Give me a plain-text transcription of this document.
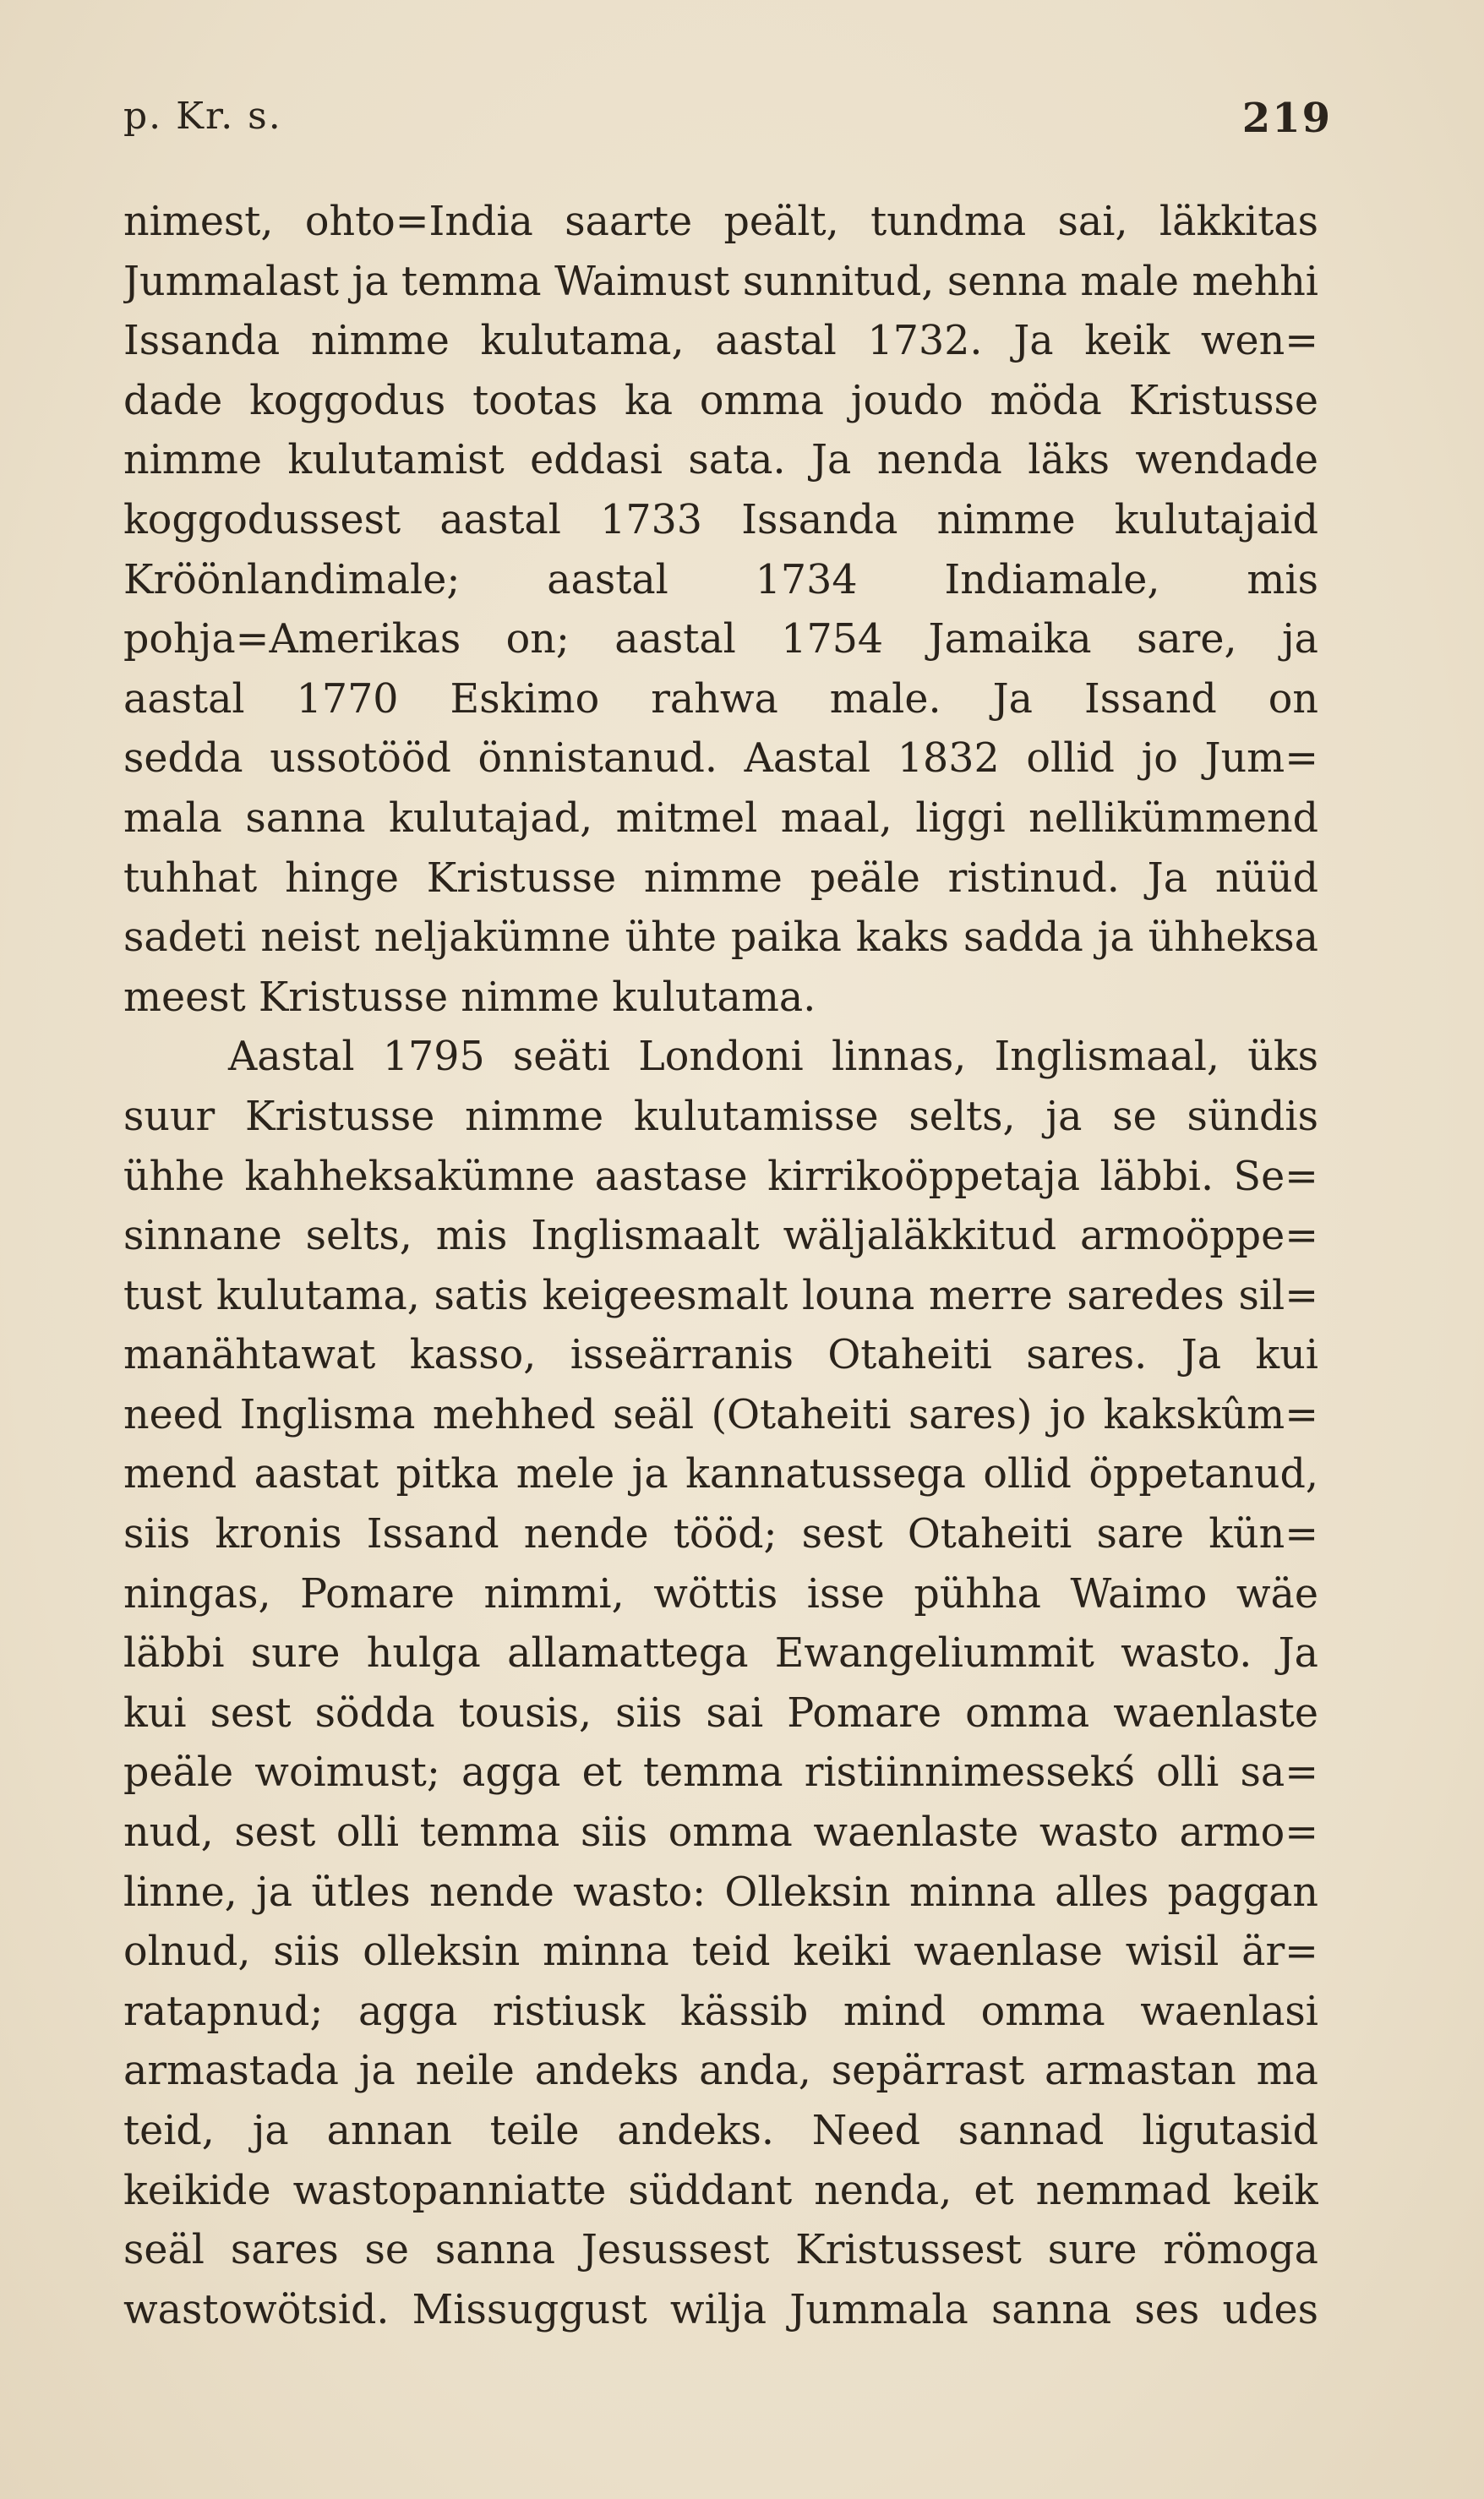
p. Kr. s.	219
nimest, ohto=India saarte peält, tundma sai, läkkitas
Jummalast ja temma Waimust sunnitud, senna male mehhi
Issanda nimme kulutama, aastal 1732. Ja keik wen=
dade koggodus tootas ka omma joudo möda Kristusse
nimme kulutamist eddasi sata. Ja nenda läks wendade
koggodussest aastal 1733 Issanda nimme kulutajaid
Kröönlandimale; aastal 1734 Indiamale, mis
pohja=Amerikas on; aastal 1754 Jamaika sare, ja
aastal 1770 Eskimo rahwa male. Ja Issand on
sedda ussotööd önnistanud. Aastal 1832 ollid jo Jum=
mala sanna kulutajad, mitmel maal, liggi nellikümmend
tuhhat hinge Kristusse nimme peäle ristinud. Ja nüüd
sadeti neist neljakümne ühte paika kaks sadda ja ühheksa
meest Kristusse nimme kulutama.
Aastal 1795 seäti Londoni linnas, Inglismaal, üks
suur Kristusse nimme kulutamisse selts, ja se sündis
ühhe kahheksakümne aastase kirrikoöppetaja läbbi. Se=
sinnane selts, mis Inglismaalt wäljaläkkitud armoöppe=
tust kulutama, satis keigeesmalt louna merre saredes sil=
manähtawat kasso, isseärranis Otaheiti sares. Ja kui
need Inglisma mehhed seäl (Otaheiti sares) jo kakskûm=
mend aastat pitka mele ja kannatussega ollid öppetanud,
siis kronis Issand nende tööd; sest Otaheiti sare kün=
ningas, Pomare nimmi, wöttis isse pühha Waimo wäe
läbbi sure hulga allamattega Ewangeliummit wasto. Ja
kui sest södda tousis, siis sai Pomare omma waenlaste
peäle woimust; agga et temma ristiinnimessekś olli sa=
nud, sest olli temma siis omma waenlaste wasto armo=
linne, ja ütles nende wasto: Olleksin minna alles paggan
olnud, siis olleksin minna teid keiki waenlase wisil är=
ratapnud; agga ristiusk kässib mind omma waenlasi
armastada ja neile andeks anda, sepärrast armastan ma
teid, ja annan teile andeks. Need sannad ligutasid
keikide wastopanniatte süddant nenda, et nemmad keik
seäl sares se sanna Jesussest Kristussest sure römoga
wastowötsid. Missuggust wilja Jummala sanna ses udes
